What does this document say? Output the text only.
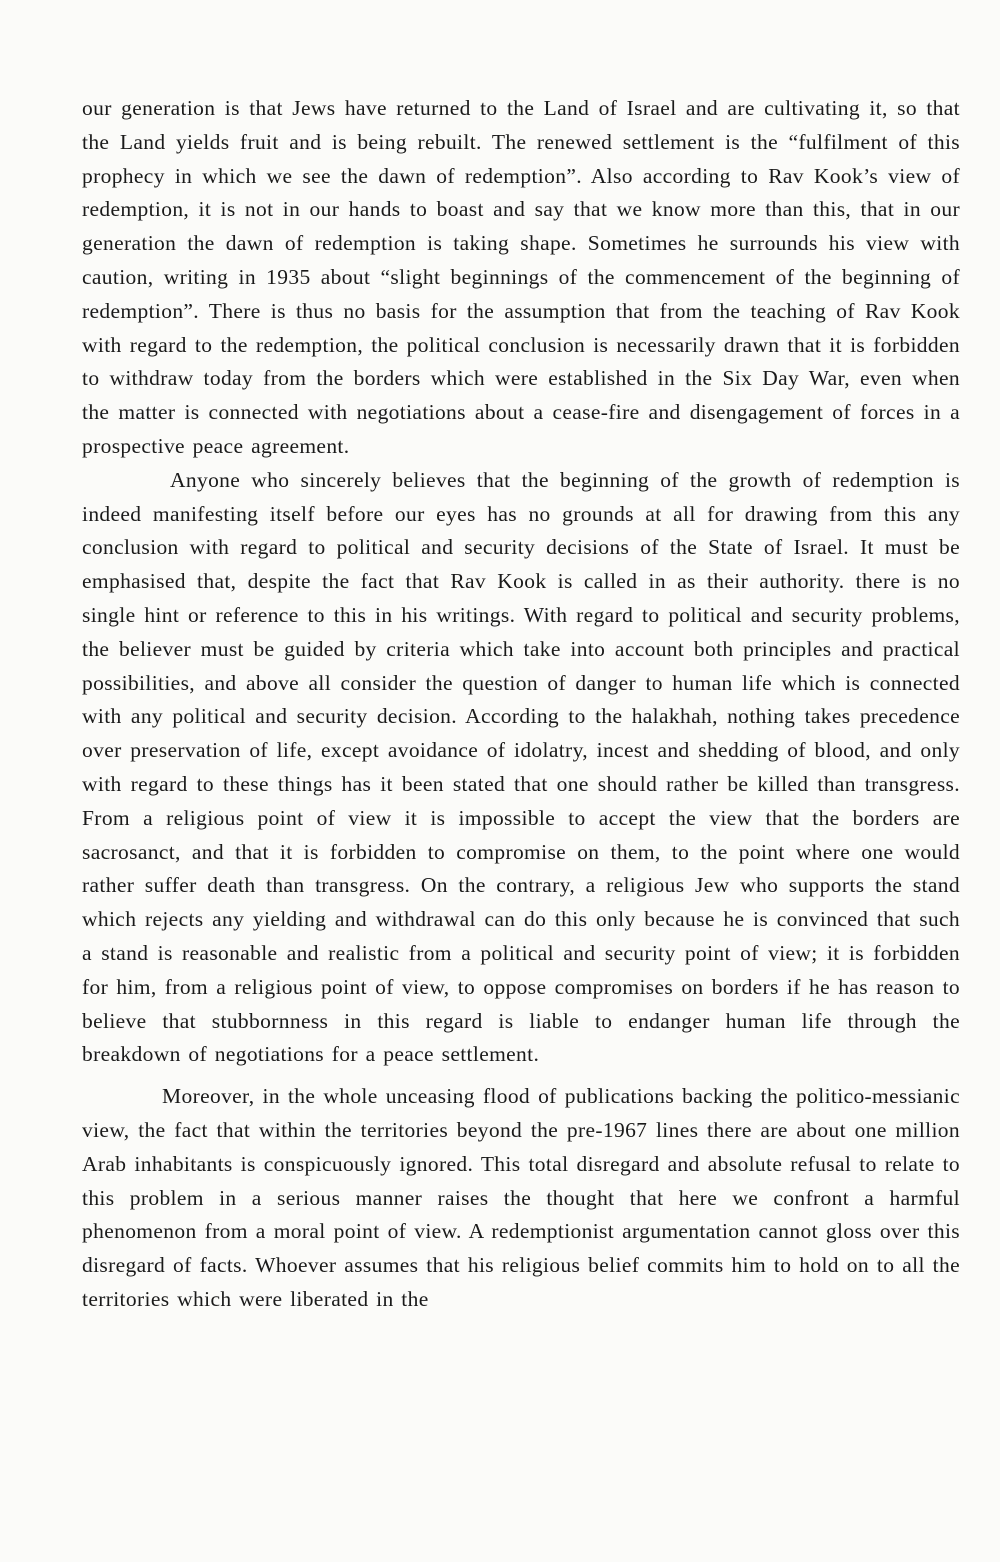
our generation is that Jews have returned to the Land of Israel and are cultivating it, so that the Land yields fruit and is being rebuilt. The renewed settlement is the “fulfilment of this prophecy in which we see the dawn of redemption”. Also according to Rav Kook’s view of redemption, it is not in our hands to boast and say that we know more than this, that in our generation the dawn of redemption is taking shape. Sometimes he surrounds his view with caution, writing in 1935 about “slight beginnings of the commencement of the beginning of redemption”. There is thus no basis for the assumption that from the teaching of Rav Kook with regard to the redemption, the political conclusion is necessarily drawn that it is forbidden to withdraw today from the borders which were established in the Six Day War, even when the matter is connected with negotiations about a cease-fire and disengagement of forces in a prospective peace agreement.

Anyone who sincerely believes that the beginning of the growth of redemption is indeed manifesting itself before our eyes has no grounds at all for drawing from this any conclusion with regard to political and security decisions of the State of Israel. It must be emphasised that, despite the fact that Rav Kook is called in as their authority. there is no single hint or reference to this in his writings. With regard to political and security problems, the believer must be guided by criteria which take into account both principles and practical possibilities, and above all consider the question of danger to human life which is connected with any political and security decision. According to the halakhah, nothing takes precedence over preservation of life, except avoidance of idolatry, incest and shedding of blood, and only with regard to these things has it been stated that one should rather be killed than transgress. From a religious point of view it is impossible to accept the view that the borders are sacrosanct, and that it is forbidden to compromise on them, to the point where one would rather suffer death than transgress. On the contrary, a religious Jew who supports the stand which rejects any yielding and withdrawal can do this only because he is convinced that such a stand is reasonable and realistic from a political and security point of view; it is forbidden for him, from a religious point of view, to oppose compromises on borders if he has reason to believe that stubbornness in this regard is liable to endanger human life through the breakdown of negotiations for a peace settlement.

Moreover, in the whole unceasing flood of publications backing the politico-messianic view, the fact that within the territories beyond the pre-1967 lines there are about one million Arab inhabitants is conspicuously ignored. This total disregard and absolute refusal to relate to this problem in a serious manner raises the thought that here we confront a harmful phenomenon from a moral point of view. A redemptionist argumentation cannot gloss over this disregard of facts. Whoever assumes that his religious belief commits him to hold on to all the territories which were liberated in the
